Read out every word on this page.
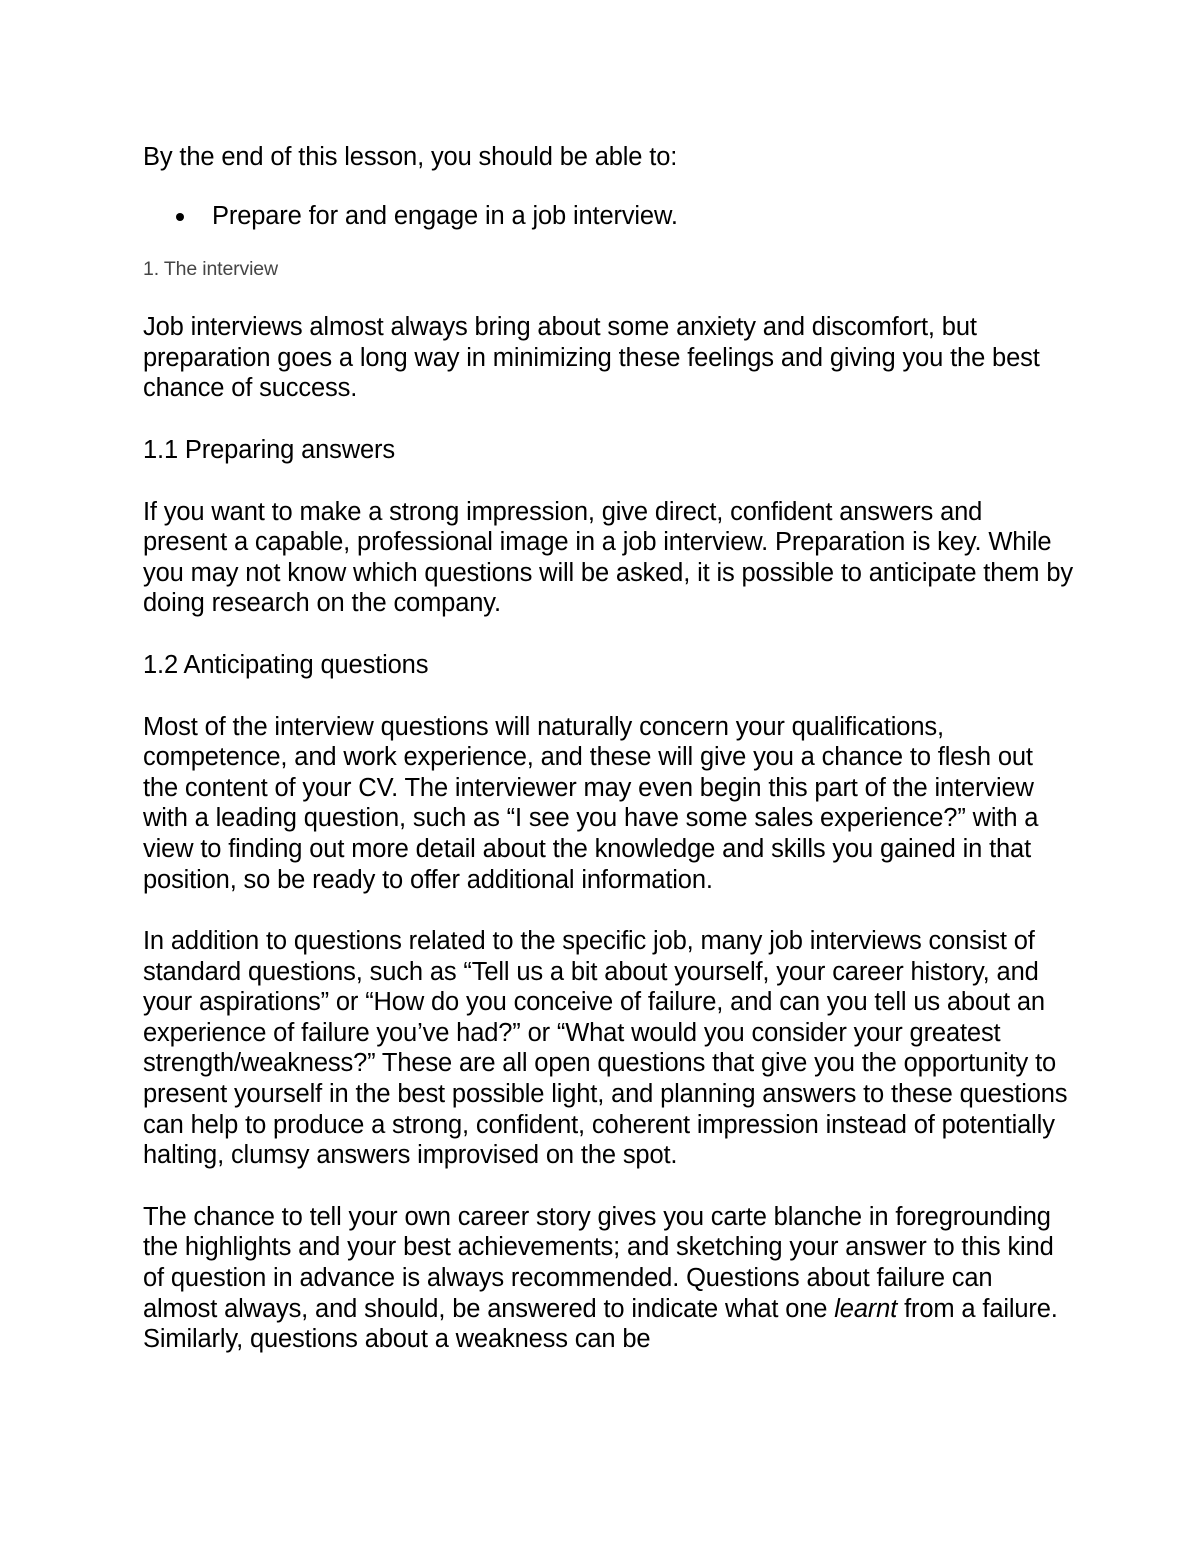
By the end of this lesson, you should be able to:

Prepare for and engage in a job interview.

1. The interview

Job interviews almost always bring about some anxiety and discomfort, but preparation goes a long way in minimizing these feelings and giving you the best chance of success.

1.1 Preparing answers

If you want to make a strong impression, give direct, confident answers and present a capable, professional image in a job interview. Preparation is key. While you may not know which questions will be asked, it is possible to anticipate them by doing research on the company.

1.2 Anticipating questions

Most of the interview questions will naturally concern your qualifications, competence, and work experience, and these will give you a chance to flesh out the content of your CV. The interviewer may even begin this part of the interview with a leading question, such as “I see you have some sales experience?” with a view to finding out more detail about the knowledge and skills you gained in that position, so be ready to offer additional information.

In addition to questions related to the specific job, many job interviews consist of standard questions, such as “Tell us a bit about yourself, your career history, and your aspirations” or “How do you conceive of failure, and can you tell us about an experience of failure you’ve had?” or “What would you consider your greatest strength/weakness?” These are all open questions that give you the opportunity to present yourself in the best possible light, and planning answers to these questions can help to produce a strong, confident, coherent impression instead of potentially halting, clumsy answers improvised on the spot.

The chance to tell your own career story gives you carte blanche in foregrounding the highlights and your best achievements; and sketching your answer to this kind of question in advance is always recommended. Questions about failure can almost always, and should, be answered to indicate what one learnt from a failure. Similarly, questions about a weakness can be
